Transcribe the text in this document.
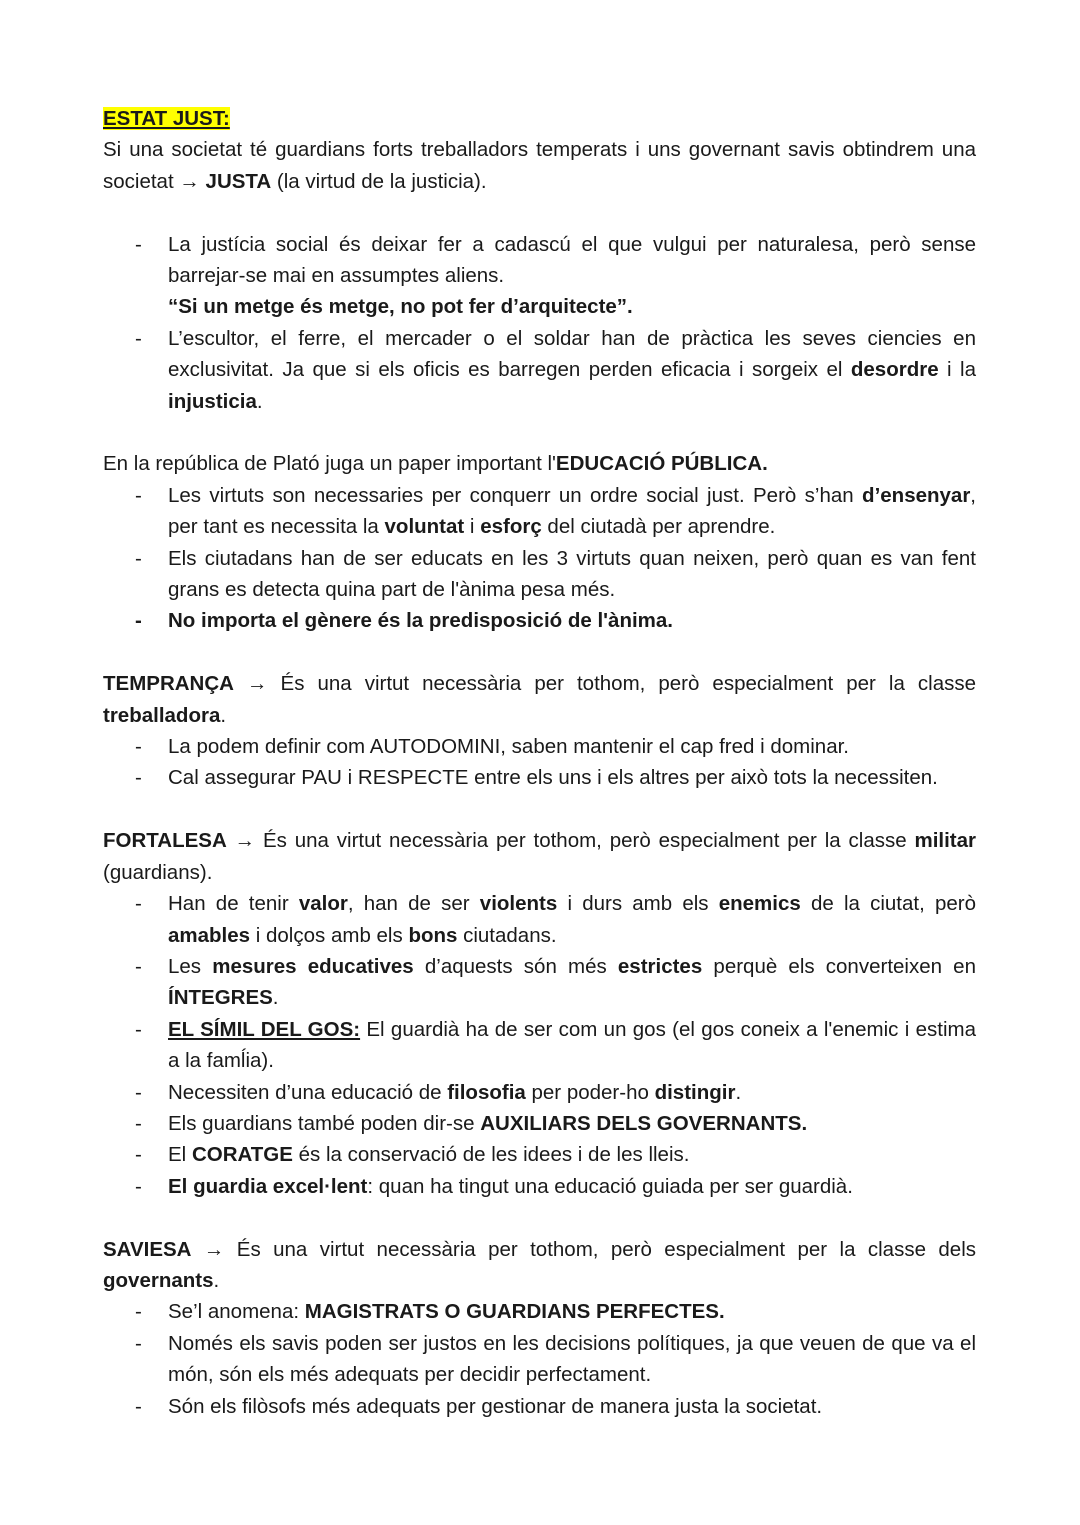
ESTAT JUST:

Si una societat té guardians forts treballadors temperats i uns governant savis obtindrem una societat → JUSTA (la virtud de la justicia).

- La justícia social és deixar fer a cadascú el que vulgui per naturalesa, però sense barrejar-se mai en assumptes aliens.
“Si un metge és metge, no pot fer d’arquitecte”.
- L’escultor, el ferre, el mercader o el soldar han de pràctica les seves ciencies en exclusivitat. Ja que si els oficis es barregen perden eficacia i sorgeix el desordre i la injusticia.

En la república de Plató juga un paper important l'EDUCACIÓ PÚBLICA.

- Les virtuts son necessaries per conquerr un ordre social just. Però s’han d’ensenyar, per tant es necessita la voluntat i esforç del ciutadà per aprendre.
- Els ciutadans han de ser educats en les 3 virtuts quan neixen, però quan es van fent grans es detecta quina part de l'ànima pesa més.
- No importa el gènere és la predisposició de l'ànima.

TEMPRANÇA → És una virtut necessària per tothom, però especialment per la classe treballadora.

- La podem definir com AUTODOMINI, saben mantenir el cap fred i dominar.
- Cal assegurar PAU i RESPECTE entre els uns i els altres per això tots la necessiten.

FORTALESA → És una virtut necessària per tothom, però especialment per la classe militar (guardians).

- Han de tenir valor, han de ser violents i durs amb els enemics de la ciutat, però amables i dolços amb els bons ciutadans.
- Les mesures educatives d’aquests són més estrictes perquè els converteixen en ÍNTEGRES.
- EL SÍMIL DEL GOS: El guardià ha de ser com un gos (el gos coneix a l'enemic i estima a la famĺia).
- Necessiten d’una educació de filosofia per poder-ho distingir.
- Els guardians també poden dir-se AUXILIARS DELS GOVERNANTS.
- El CORATGE és la conservació de les idees i de les lleis.
- El guardia excel·lent: quan ha tingut una educació guiada per ser guardià.

SAVIESA → És una virtut necessària per tothom, però especialment per la classe dels governants.

- Se’l anomena: MAGISTRATS O GUARDIANS PERFECTES.
- Només els savis poden ser justos en les decisions polítiques, ja que veuen de que va el món, són els més adequats per decidir perfectament.
- Són els filòsofs més adequats per gestionar de manera justa la societat.
